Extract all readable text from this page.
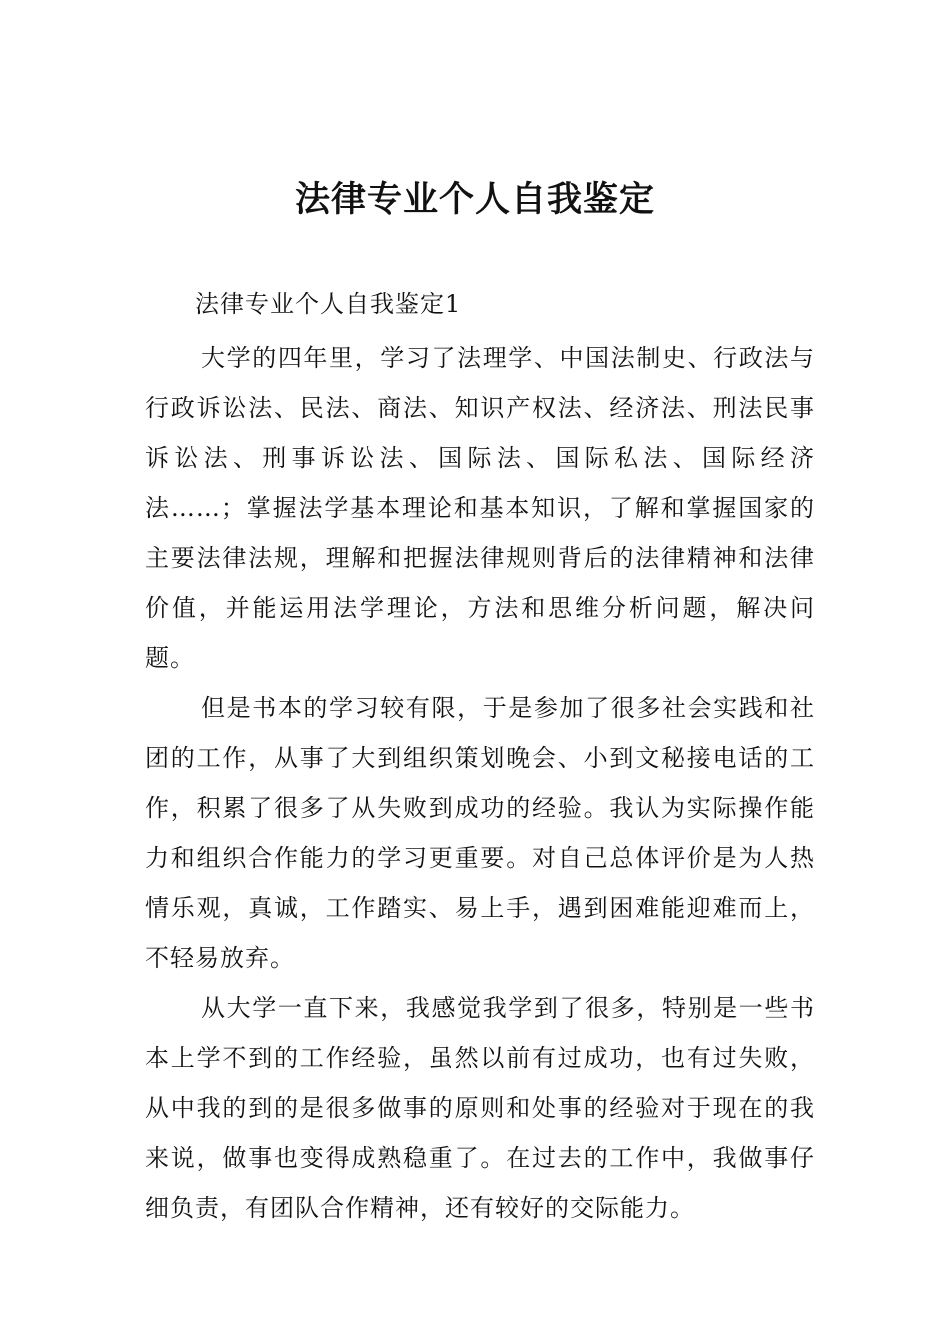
法律专业个人自我鉴定

法律专业个人自我鉴定1

大学的四年里，学习了法理学、中国法制史、行政法与行政诉讼法、民法、商法、知识产权法、经济法、刑法民事诉讼法、刑事诉讼法、国际法、国际私法、国际经济法……；掌握法学基本理论和基本知识，了解和掌握国家的主要法律法规，理解和把握法律规则背后的法律精神和法律价值，并能运用法学理论，方法和思维分析问题，解决问题。

但是书本的学习较有限，于是参加了很多社会实践和社团的工作，从事了大到组织策划晚会、小到文秘接电话的工作，积累了很多了从失败到成功的经验。我认为实际操作能力和组织合作能力的学习更重要。对自己总体评价是为人热情乐观，真诚，工作踏实、易上手，遇到困难能迎难而上，不轻易放弃。

从大学一直下来，我感觉我学到了很多，特别是一些书本上学不到的工作经验，虽然以前有过成功，也有过失败，从中我的到的是很多做事的原则和处事的经验对于现在的我来说，做事也变得成熟稳重了。在过去的工作中，我做事仔细负责，有团队合作精神，还有较好的交际能力。
